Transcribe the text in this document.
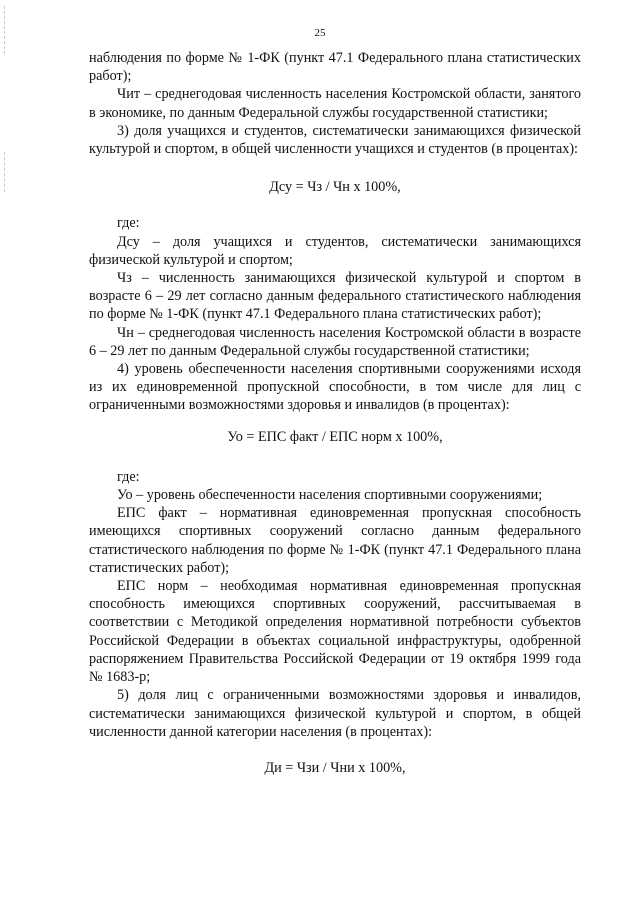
25

наблюдения по форме № 1-ФК (пункт 47.1 Федерального плана статистических работ);

Чит – среднегодовая численность населения Костромской области, занятого в экономике, по данным Федеральной службы государственной статистики;

3) доля учащихся и студентов, систематически занимающихся физической культурой и спортом, в общей численности учащихся и студентов (в процентах):

Дсу = Чз / Чн х 100%,

где:

Дсу – доля учащихся и студентов, систематически занимающихся физической культурой и спортом;

Чз – численность занимающихся физической культурой и спортом в возрасте 6 – 29 лет согласно данным федерального статистического наблюдения по форме № 1-ФК (пункт 47.1 Федерального плана статистических работ);

Чн – среднегодовая численность населения Костромской области в возрасте 6 – 29 лет по данным Федеральной службы государственной статистики;

4) уровень обеспеченности населения спортивными сооружениями исходя из их единовременной пропускной способности, в том числе для лиц с ограниченными возможностями здоровья и инвалидов (в процентах):

Уо = ЕПС факт / ЕПС норм х 100%,

где:

Уо – уровень обеспеченности населения спортивными сооружениями;

ЕПС факт – нормативная единовременная пропускная способность имеющихся спортивных сооружений согласно данным федерального статистического наблюдения по форме № 1-ФК (пункт 47.1 Федерального плана статистических работ);

ЕПС норм – необходимая нормативная единовременная пропускная способность имеющихся спортивных сооружений, рассчитываемая в соответствии с Методикой определения нормативной потребности субъектов Российской Федерации в объектах социальной инфраструктуры, одобренной распоряжением Правительства Российской Федерации от 19 октября 1999 года № 1683-р;

5) доля лиц с ограниченными возможностями здоровья и инвалидов, систематически занимающихся физической культурой и спортом, в общей численности данной категории населения (в процентах):

Ди = Чзи / Чни х 100%,
